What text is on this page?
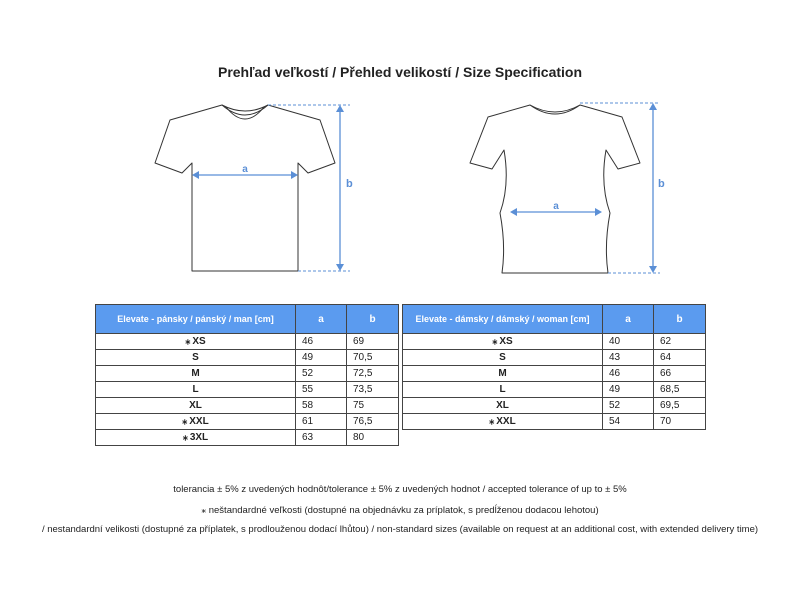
Prehľad veľkostí / Přehled velikostí / Size Specification
a
b
a
b
Elevate - pánsky / pánský / man [cm]	a	b
⁎ XS	46	69
S	49	70,5
M	52	72,5
L	55	73,5
XL	58	75
⁎ XXL	61	76,5
⁎ 3XL	63	80
Elevate - dámsky / dámský / woman [cm]	a	b
⁎ XS	40	62
S	43	64
M	46	66
L	49	68,5
XL	52	69,5
⁎ XXL	54	70
tolerancia ± 5% z uvedených hodnôt/tolerance ± 5% z uvedených hodnot / accepted tolerance of up to ± 5%
⁎ neštandardné veľkosti (dostupné na objednávku za príplatok, s predĺženou dodacou lehotou)
/ nestandardní velikosti (dostupné za příplatek, s prodlouženou dodací lhůtou) / non-standard sizes (available on request at an additional cost, with extended delivery time)
